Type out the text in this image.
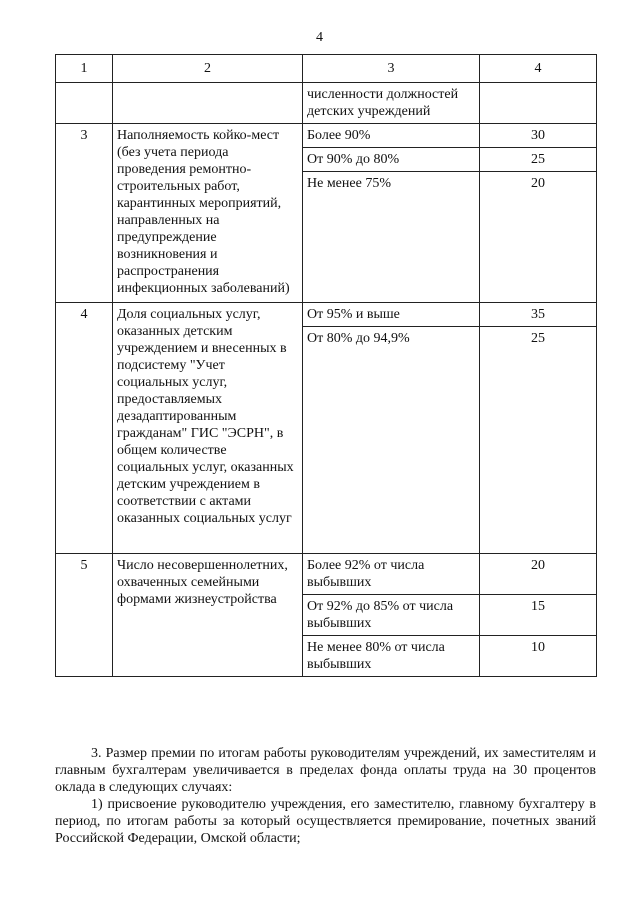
4
1	2	3	4
		численности должностей детских учреждений	
3	Наполняемость койко-мест (без учета периода проведения ремонтно-строительных работ, карантинных мероприятий, направленных на предупреждение возникновения и распространения инфекционных заболеваний)	Более 90%	30
		От 90% до 80%	25
		Не менее 75%	20
4	Доля социальных услуг, оказанных детским учреждением и внесенных в подсистему "Учет социальных услуг, предоставляемых дезадаптированным гражданам" ГИС "ЭСРН", в общем количестве социальных услуг, оказанных детским учреждением в соответствии с актами оказанных социальных услуг	От 95% и выше	35
		От 80% до 94,9%	25
5	Число несовершеннолетних, охваченных семейными формами жизнеустройства	Более 92% от числа выбывших	20
		От 92% до 85% от числа выбывших	15
		Не менее 80% от числа выбывших	10

3. Размер премии по итогам работы руководителям учреждений, их заместителям и главным бухгалтерам увеличивается в пределах фонда оплаты труда на 30 процентов оклада в следующих случаях:

1) присвоение руководителю учреждения, его заместителю, главному бухгалтеру в период, по итогам работы за который осуществляется премирование, почетных званий Российской Федерации, Омской области;
